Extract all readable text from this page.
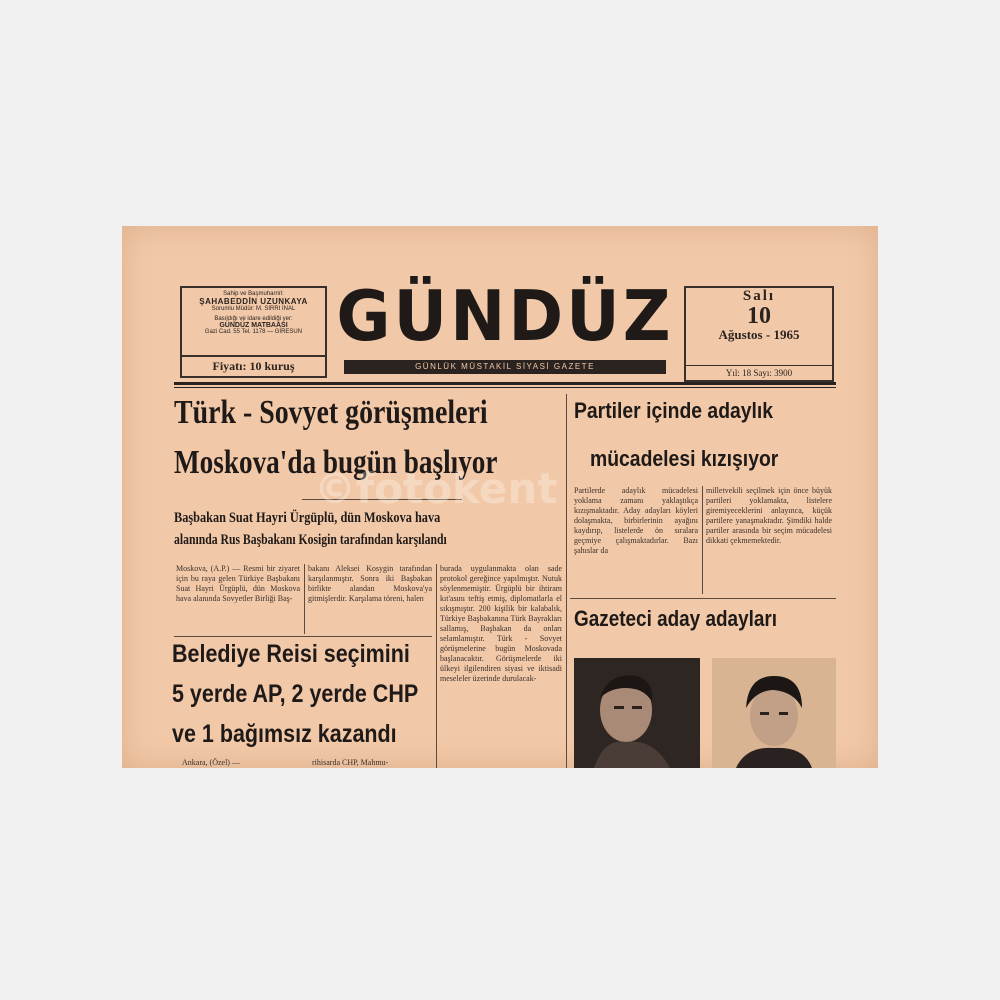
Sahip ve Başmuharriri:
ŞAHABEDDİN UZUNKAYA
Sorumlu Müdür: M. SIRRI İNAL
Basıldığı ve idare edildiği yer:
GÜNDÜZ MATBAASI
Gazi Cad. 55 Tel. 1178 — GİRESUN
Fiyatı: 10 kuruş
GÜNDÜZ
GÜNLÜK MÜSTAKİL SİYASİ GAZETE
Salı
10
Ağustos - 1965
Yıl: 18 Sayı: 3900
Türk - Sovyet görüşmeleri
Moskova'da bugün başlıyor
Başbakan Suat Hayri Ürgüplü, dün Moskova hava
alanında Rus Başbakanı Kosigin tarafından karşılandı
Moskova, (A.P.) — Resmi bir ziyaret için bu raya gelen Türkiye Başbakanı Suat Hayri Ürgüplü, dün Moskova hava alanında Sovyetler Birliği Baş-
bakanı Aleksei Kosygin tarafından karşılanmıştır. Sonra iki Başbakan birlikte alandan Moskova'ya gitmişlerdir. Karşılama töreni, halen
burada uygulanmakta olan sade protokol gereğince yapılmıştır. Nutuk söylenmemiştir. Ürgüplü bir ihtiram kıt'asını teftiş etmiş, diplomatlarla el sıkışmıştır. 200 kişilik bir kalabalık, Türkiye Başbakanına Türk Bayrakları sallamış, Başbakan da onları selamlamıştır. Türk - Sovyet görüşmelerine bugün Moskovada başlanacaktır. Görüşmelerde iki ülkeyi ilgilendiren siyasi ve iktisadi meseleler üzerinde durulacak-
Belediye Reisi seçimini
5 yerde AP, 2 yerde CHP
ve 1 bağımsız kazandı
Ankara, (Özel) —	rihisarda CHP, Mahmu-
Partiler içinde adaylık
mücadelesi kızışıyor
Partilerde adaylık mücadelesi yoklama zamanı yaklaştıkça kızışmaktadır. Aday adayları köyleri dolaşmakta, birbirlerinin ayağını kaydırıp, listelerde ön sıralara geçmiye çalışmaktadırlar. Bazı şahıslar da
milletvekili seçilmek için önce büyük partileri yoklamakta, listelere giremiyeceklerini anlayınca, küçük partilere yanaşmaktadır. Şimdiki halde partiler arasında bir seçim mücadelesi dikkati çekmemektedir.
Gazeteci aday adayları
©fotokent
